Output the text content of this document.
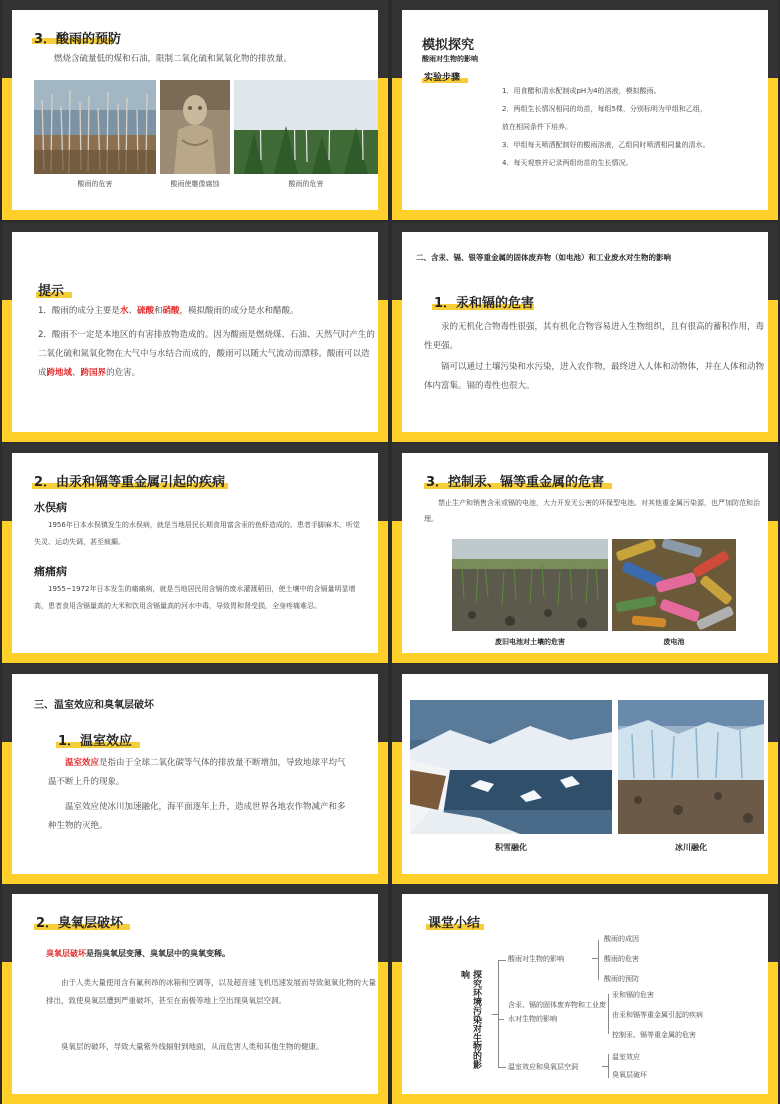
3．酸雨的预防
燃烧含硫量低的煤和石油，限制二氧化硫和氮氧化物的排放量。
酸雨的危害	酸雨使雕像腐蚀	酸雨的危害
模拟探究
酸雨对生物的影响
实验步骤
1．用食醋和清水配制成pH为4的溶液，模拟酸雨。
2．两组生长情况相同的幼苗，每组5棵，分别标明为甲组和乙组，
放在相同条件下培养。
3．甲组每天喷洒配制好的酸雨溶液，乙组同时喷洒相同量的清水。
4．每天观察并记录两组幼苗的生长情况。
提示
1．酸雨的成分主要是水、硫酸和硝酸，模拟酸雨的成分是水和醋酸。
2．酸雨不一定是本地区的有害排放物造成的。因为酸雨是燃烧煤、石油、天然气时产生的二氧化硫和氮氧化物在大气中与水结合而成的，酸雨可以随大气流动而漂移。酸雨可以造成跨地域、跨国界的危害。
二、含汞、镉、银等重金属的固体废弃物（如电池）和工业废水对生物的影响
1．汞和镉的危害
汞的无机化合物毒性很强，其有机化合物容易进入生物组织，且有很高的蓄积作用，毒性更强。
镉可以通过土壤污染和水污染，进入农作物，最终进入人体和动物体，并在人体和动物体内富集。镉的毒性也很大。
2．由汞和镉等重金属引起的疾病
水俣病
1956年日本水俣镇发生的水俣病，就是当地居民长期食用富含汞的鱼虾造成的。患者手脚麻木、听觉失灵、运动失调，甚至疯癫。
痛痛病
1955~1972年日本发生的痛痛病，就是当地居民用含镉的废水灌溉稻田，使土壤中的含镉量明显增高，患者食用含镉量高的大米和饮用含镉量高的河水中毒，导致胃和肾受损，全身疼痛难忍。
3．控制汞、镉等重金属的危害
禁止生产和销售含汞或镉的电池，大力开发无公害的环保型电池。对其他重金属污染源，也严加防范和治理。
废旧电池对土壤的危害	废电池
三、温室效应和臭氧层破坏
1．温室效应
温室效应是指由于全球二氧化碳等气体的排放量不断增加，导致地球平均气温不断上升的现象。
温室效应使冰川加速融化，海平面逐年上升，造成世界各地农作物减产和多种生物的灭绝。
积雪融化	冰川融化
2．臭氧层破坏
臭氧层破坏是指臭氧层变薄、臭氧层中的臭氧变稀。
由于人类大量使用含有氟利昂的冰箱和空调等，以及超音速飞机迅速发展而导致氮氧化物的大量排出，致使臭氧层遭到严重破坏，甚至在南极等地上空出现臭氧层空洞。
臭氧层的破坏，导致大量紫外线辐射到地面，从而危害人类和其他生物的健康。
课堂小结
探究环境污染对生物的影响
酸雨对生物的影响
酸雨的成因
酸雨的危害
酸雨的预防
含汞、镉的固体废弃物和工业废水对生物的影响
汞和镉的危害
由汞和镉等重金属引起的疾病
控制汞、镉等重金属的危害
温室效应和臭氧层空洞
温室效应
臭氧层破坏
